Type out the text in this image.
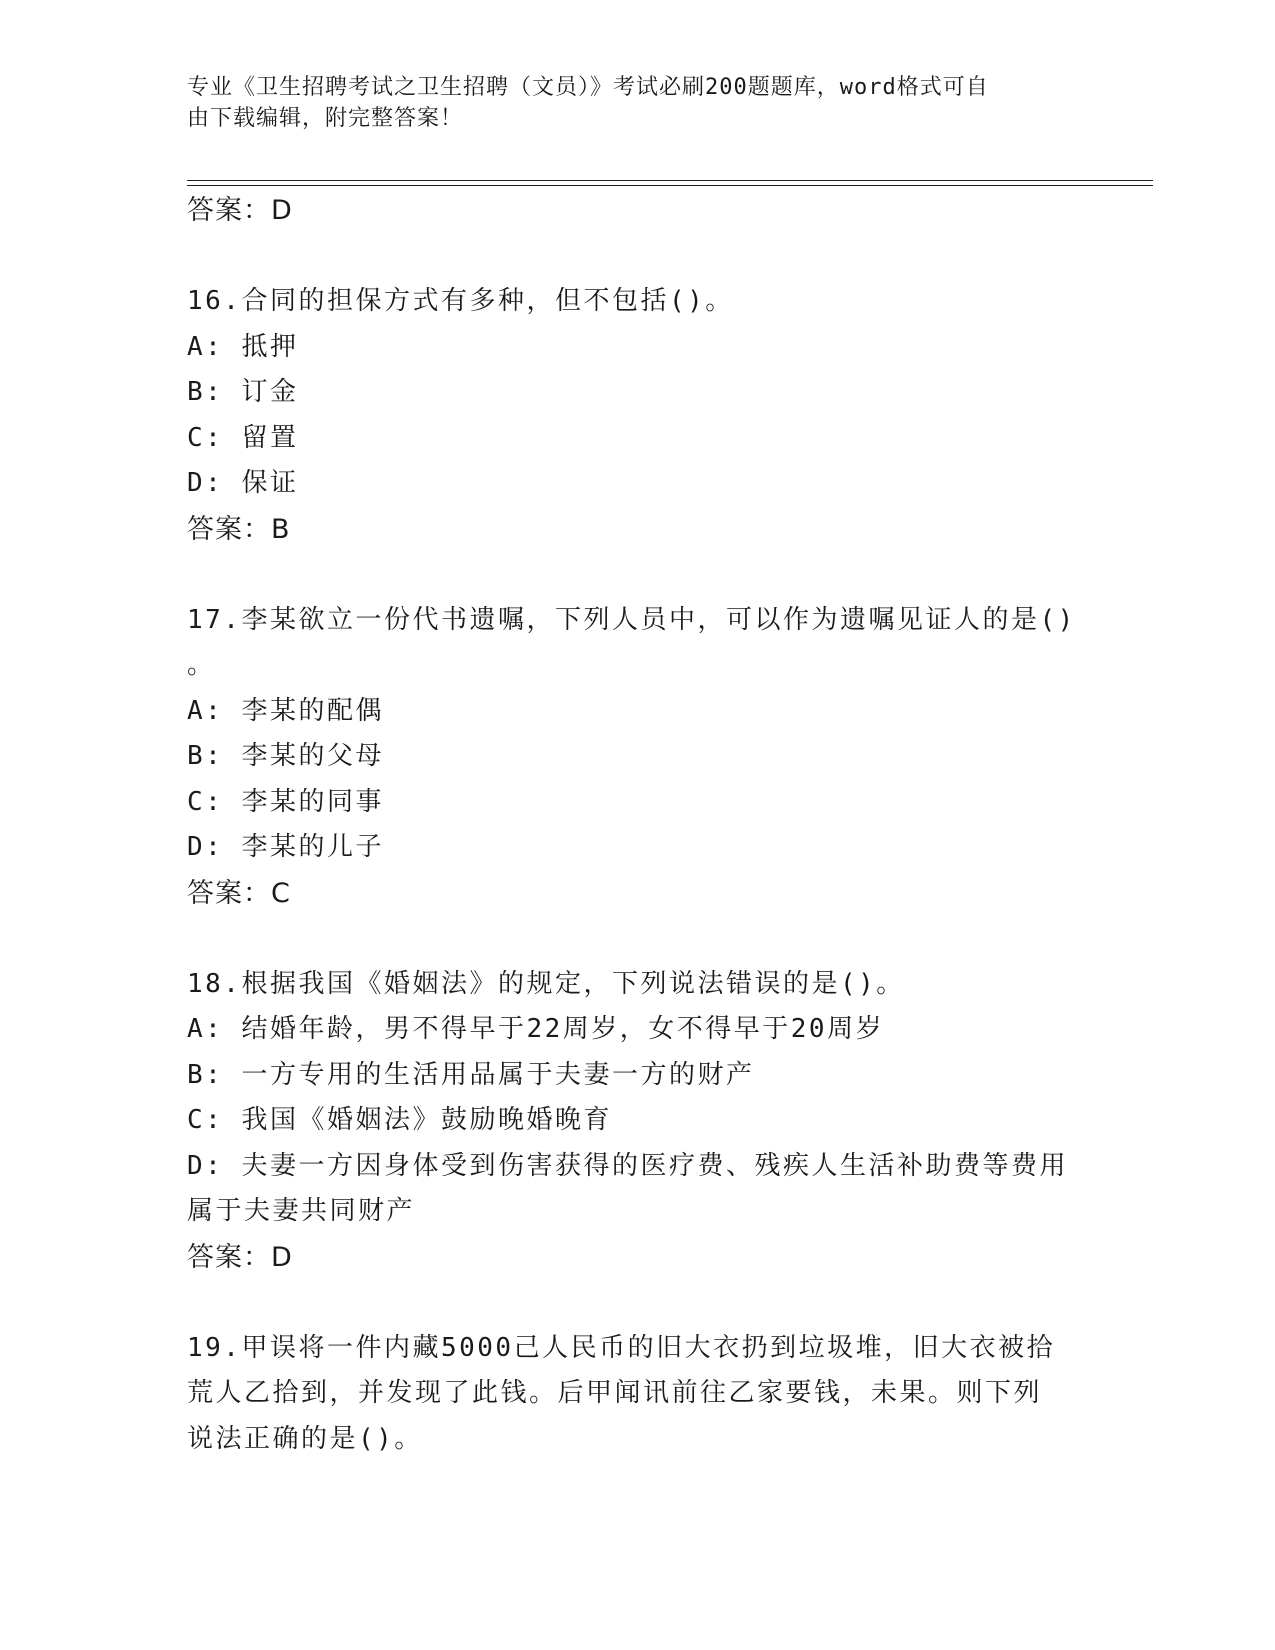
专业《卫生招聘考试之卫生招聘（文员）》考试必刷200题题库，word格式可自
由下载编辑，附完整答案！
答案：D
16.合同的担保方式有多种，但不包括()。
A: 抵押
B: 订金
C: 留置
D: 保证
答案：B
17.李某欲立一份代书遗嘱，下列人员中，可以作为遗嘱见证人的是()
。
A: 李某的配偶
B: 李某的父母
C: 李某的同事
D: 李某的儿子
答案：C
18.根据我国《婚姻法》的规定，下列说法错误的是()。
A: 结婚年龄，男不得早于22周岁，女不得早于20周岁
B: 一方专用的生活用品属于夫妻一方的财产
C: 我国《婚姻法》鼓励晚婚晚育
D: 夫妻一方因身体受到伤害获得的医疗费、残疾人生活补助费等费用
属于夫妻共同财产
答案：D
19.甲误将一件内藏5000己人民币的旧大衣扔到垃圾堆，旧大衣被拾
荒人乙拾到，并发现了此钱。后甲闻讯前往乙家要钱，未果。则下列
说法正确的是()。
